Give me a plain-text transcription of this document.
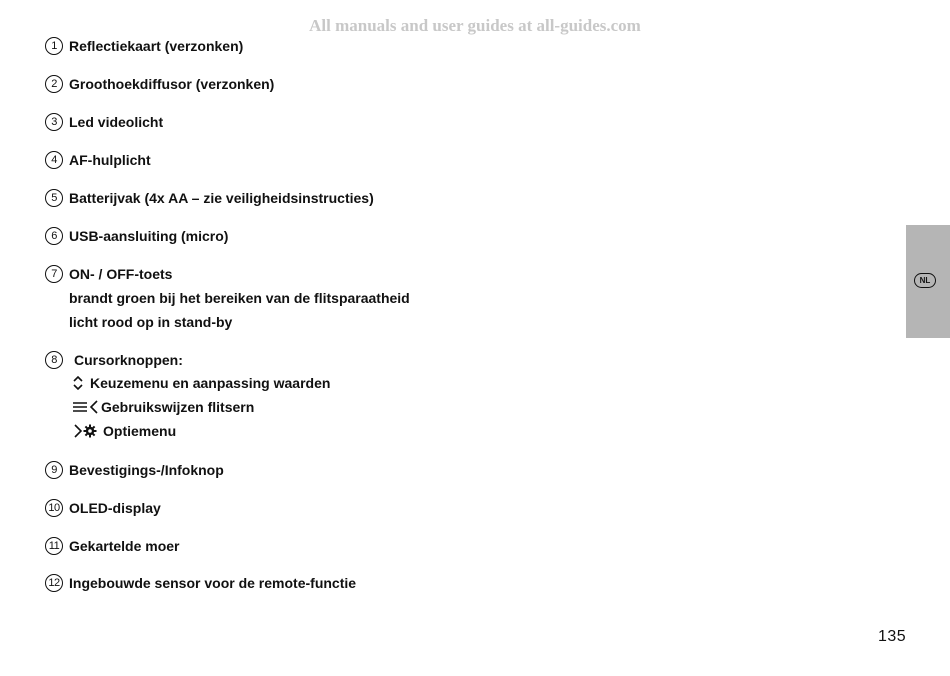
All manuals and user guides at all-guides.com
1 Reflectiekaart (verzonken)
2 Groothoekdiffusor (verzonken)
3 Led videolicht
4 AF-hulplicht
5 Batterijvak (4x AA – zie veiligheidsinstructies)
6 USB-aansluiting (micro)
7 ON- / OFF-toets
brandt groen bij het bereiken van de flitsparaatheid
licht rood op in stand-by
8	Cursorknoppen:
Keuzemenu en aanpassing waarden
Gebruikswijzen flitsern
Optiemenu
9 Bevestigings-/Infoknop
10 OLED-display
11 Gekartelde moer
12 Ingebouwde sensor voor de remote-functie
NL
135
